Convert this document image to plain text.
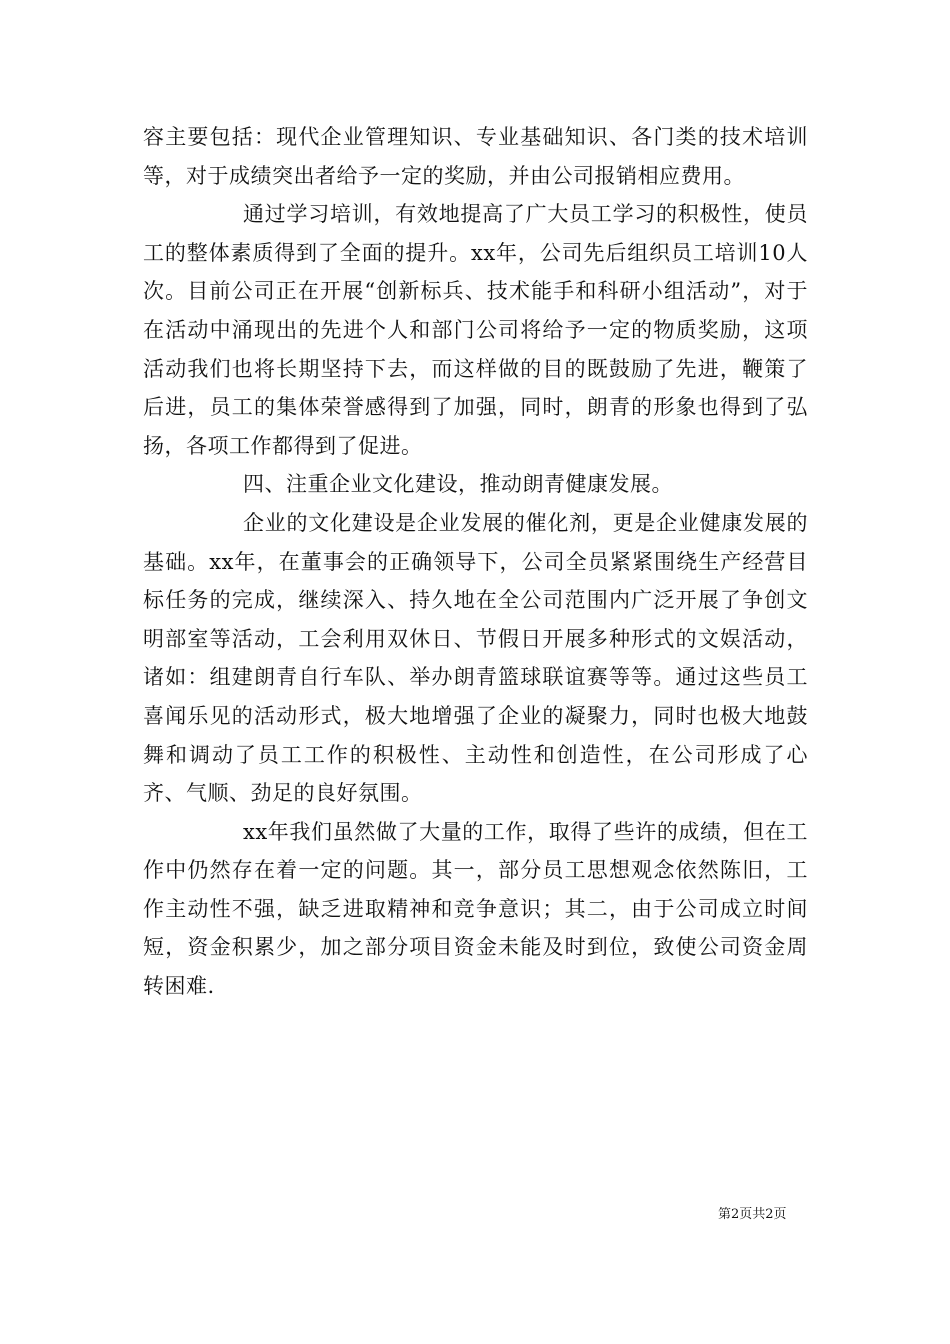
容主要包括：现代企业管理知识、专业基础知识、各门类的技术培训等，对于成绩突出者给予一定的奖励，并由公司报销相应费用。

通过学习培训，有效地提高了广大员工学习的积极性，使员工的整体素质得到了全面的提升。xx年，公司先后组织员工培训10人次。目前公司正在开展“创新标兵、技术能手和科研小组活动”，对于在活动中涌现出的先进个人和部门公司将给予一定的物质奖励，这项活动我们也将长期坚持下去，而这样做的目的既鼓励了先进，鞭策了后进，员工的集体荣誉感得到了加强，同时，朗青的形象也得到了弘扬，各项工作都得到了促进。

四、注重企业文化建设，推动朗青健康发展。

企业的文化建设是企业发展的催化剂，更是企业健康发展的基础。xx年，在董事会的正确领导下，公司全员紧紧围绕生产经营目标任务的完成，继续深入、持久地在全公司范围内广泛开展了争创文明部室等活动，工会利用双休日、节假日开展多种形式的文娱活动，诸如：组建朗青自行车队、举办朗青篮球联谊赛等等。通过这些员工喜闻乐见的活动形式，极大地增强了企业的凝聚力，同时也极大地鼓舞和调动了员工工作的积极性、主动性和创造性，在公司形成了心齐、气顺、劲足的良好氛围。

xx年我们虽然做了大量的工作，取得了些许的成绩，但在工作中仍然存在着一定的问题。其一，部分员工思想观念依然陈旧，工作主动性不强，缺乏进取精神和竞争意识；其二，由于公司成立时间短，资金积累少，加之部分项目资金未能及时到位，致使公司资金周转困难.

第2页共2页
